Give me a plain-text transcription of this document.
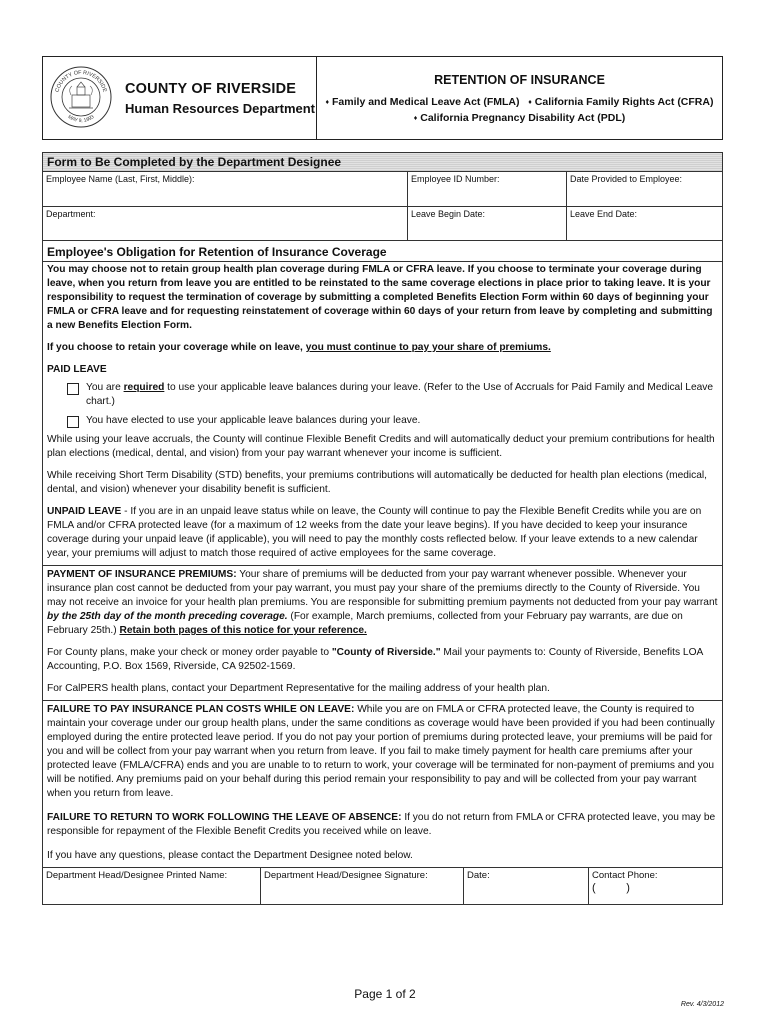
COUNTY OF RIVERSIDE
MAY 9, 1893
COUNTY OF RIVERSIDE
Human Resources Department
RETENTION OF INSURANCE
♦ Family and Medical Leave Act (FMLA) ♦ California Family Rights Act (CFRA)
♦ California Pregnancy Disability Act (PDL)
Form to Be Completed by the Department Designee
Employee Name (Last, First, Middle):	Employee ID Number:	Date Provided to Employee:
Department:	Leave Begin Date:	Leave End Date:
Employee's Obligation for Retention of Insurance Coverage

You may choose not to retain group health plan coverage during FMLA or CFRA leave. If you choose to terminate your coverage during leave, when you return from leave you are entitled to be reinstated to the same coverage elections in place prior to taking leave. It is your responsibility to request the termination of coverage by submitting a completed Benefits Election Form within 60 days of beginning your FMLA or CFRA leave and for requesting reinstatement of coverage within 60 days of your return from leave by completing and submitting a new Benefits Election Form.

If you choose to retain your coverage while on leave, you must continue to pay your share of premiums.

PAID LEAVE

You are required to use your applicable leave balances during your leave. (Refer to the Use of Accruals for Paid Family and Medical Leave chart.)

You have elected to use your applicable leave balances during your leave.

While using your leave accruals, the County will continue Flexible Benefit Credits and will automatically deduct your premium contributions for health plan elections (medical, dental, and vision) from your pay warrant whenever your income is sufficient.

While receiving Short Term Disability (STD) benefits, your premiums contributions will automatically be deducted for health plan elections (medical, dental, and vision) whenever your disability benefit is sufficient.

UNPAID LEAVE - If you are in an unpaid leave status while on leave, the County will continue to pay the Flexible Benefit Credits while you are on FMLA and/or CFRA protected leave (for a maximum of 12 weeks from the date your leave begins). If you have decided to keep your insurance coverage during your unpaid leave (if applicable), you will need to pay the monthly costs reflected below. If your leave extends to a new calendar year, your premiums will adjust to match those required of active employees for the same coverage.

PAYMENT OF INSURANCE PREMIUMS: Your share of premiums will be deducted from your pay warrant whenever possible. Whenever your insurance plan cost cannot be deducted from your pay warrant, you must pay your share of the premiums directly to the County of Riverside. You may not receive an invoice for your health plan premiums. You are responsible for submitting premium payments not deducted from your pay warrant by the 25th day of the month preceding coverage. (For example, March premiums, collected from your February pay warrants, are due on February 25th.) Retain both pages of this notice for your reference.

For County plans, make your check or money order payable to "County of Riverside." Mail your payments to: County of Riverside, Benefits LOA Accounting, P.O. Box 1569, Riverside, CA 92502-1569.

For CalPERS health plans, contact your Department Representative for the mailing address of your health plan.

FAILURE TO PAY INSURANCE PLAN COSTS WHILE ON LEAVE: While you are on FMLA or CFRA protected leave, the County is required to maintain your coverage under our group health plans, under the same conditions as coverage would have been provided if you had been continually employed during the entire protected leave period. If you do not pay your portion of premiums during protected leave, your premiums will be paid for you and will be collect from your pay warrant when you return from leave. If you fail to make timely payment for health care premiums after your protected leave (FMLA/CFRA) ends and you are unable to to return to work, your coverage will be terminated for non-payment of premiums and you will be notified. Any premiums paid on your behalf during this period remain your responsibility to pay and will be collected from your pay warrant when you return from leave.

FAILURE TO RETURN TO WORK FOLLOWING THE LEAVE OF ABSENCE: If you do not return from FMLA or CFRA protected leave, you may be responsible for repayment of the Flexible Benefit Credits you received while on leave.

If you have any questions, please contact the Department Designee noted below.

Department Head/Designee Printed Name:	Department Head/Designee Signature:	Date:	Contact Phone:
(          )
Page 1 of 2
Rev. 4/3/2012
